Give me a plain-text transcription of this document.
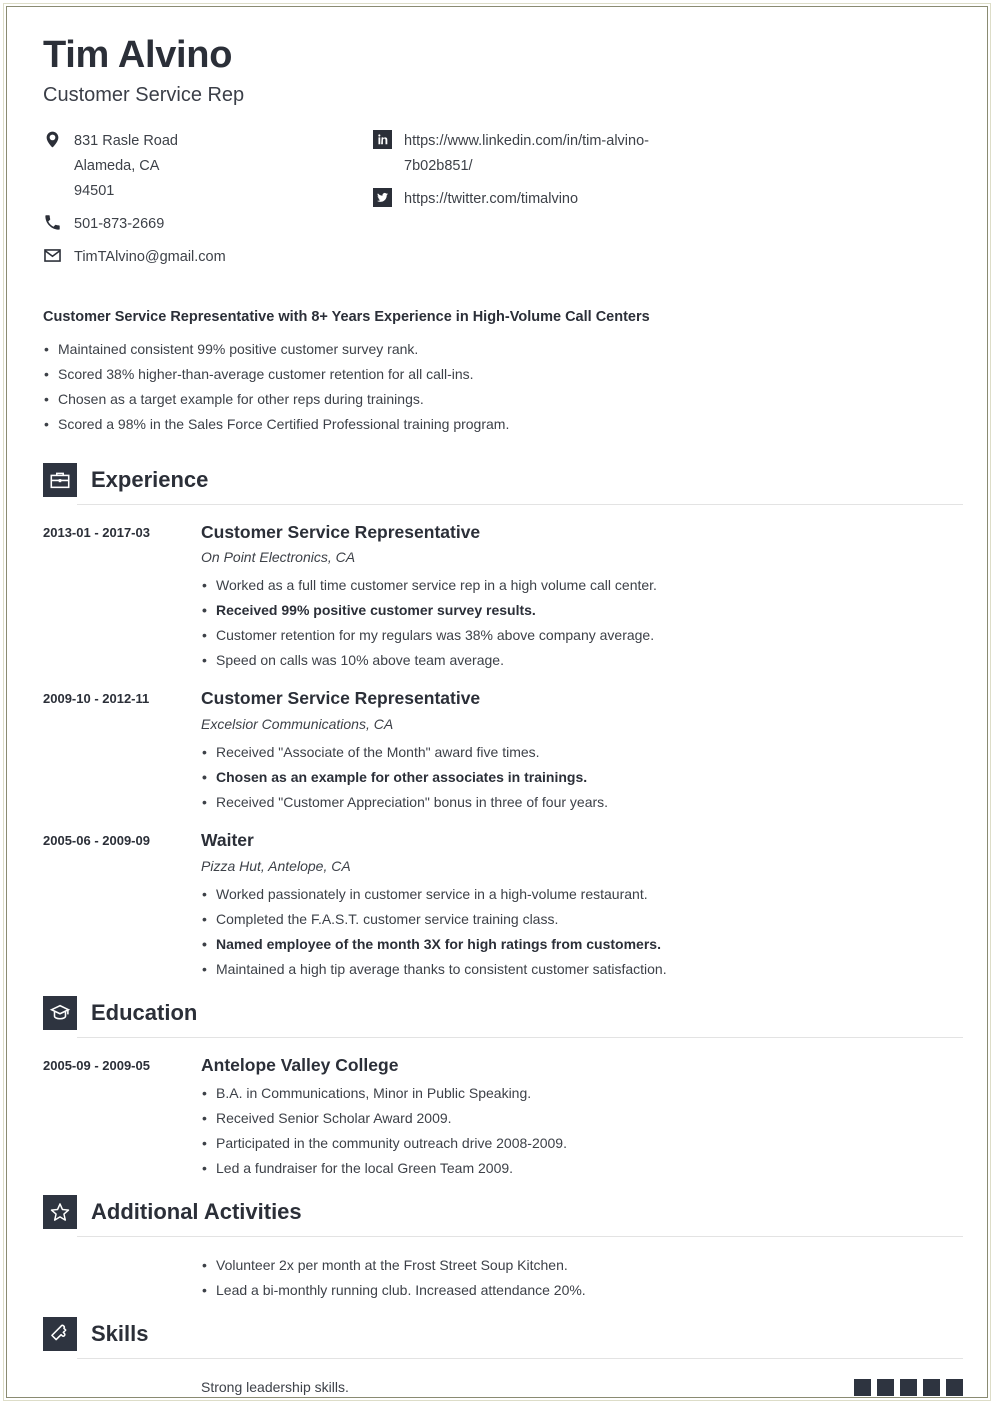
Tim Alvino
Customer Service Rep
831 Rasle Road
Alameda, CA
94501
501-873-2669
TimTAlvino@gmail.com
https://www.linkedin.com/in/tim-alvino-
7b02b851/
https://twitter.com/timalvino
Customer Service Representative with 8+ Years Experience in High-Volume Call Centers
• Maintained consistent 99% positive customer survey rank.
• Scored 38% higher-than-average customer retention for all call-ins.
• Chosen as a target example for other reps during trainings.
• Scored a 98% in the Sales Force Certified Professional training program.
Experience
2013-01 - 2017-03	Customer Service Representative
On Point Electronics, CA
• Worked as a full time customer service rep in a high volume call center.
• Received 99% positive customer survey results.
• Customer retention for my regulars was 38% above company average.
• Speed on calls was 10% above team average.
2009-10 - 2012-11	Customer Service Representative
Excelsior Communications, CA
• Received "Associate of the Month" award five times.
• Chosen as an example for other associates in trainings.
• Received "Customer Appreciation" bonus in three of four years.
2005-06 - 2009-09	Waiter
Pizza Hut, Antelope, CA
• Worked passionately in customer service in a high-volume restaurant.
• Completed the F.A.S.T. customer service training class.
• Named employee of the month 3X for high ratings from customers.
• Maintained a high tip average thanks to consistent customer satisfaction.
Education
2005-09 - 2009-05	Antelope Valley College
• B.A. in Communications, Minor in Public Speaking.
• Received Senior Scholar Award 2009.
• Participated in the community outreach drive 2008-2009.
• Led a fundraiser for the local Green Team 2009.
Additional Activities
• Volunteer 2x per month at the Frost Street Soup Kitchen.
• Lead a bi-monthly running club. Increased attendance 20%.
Skills
Strong leadership skills.
